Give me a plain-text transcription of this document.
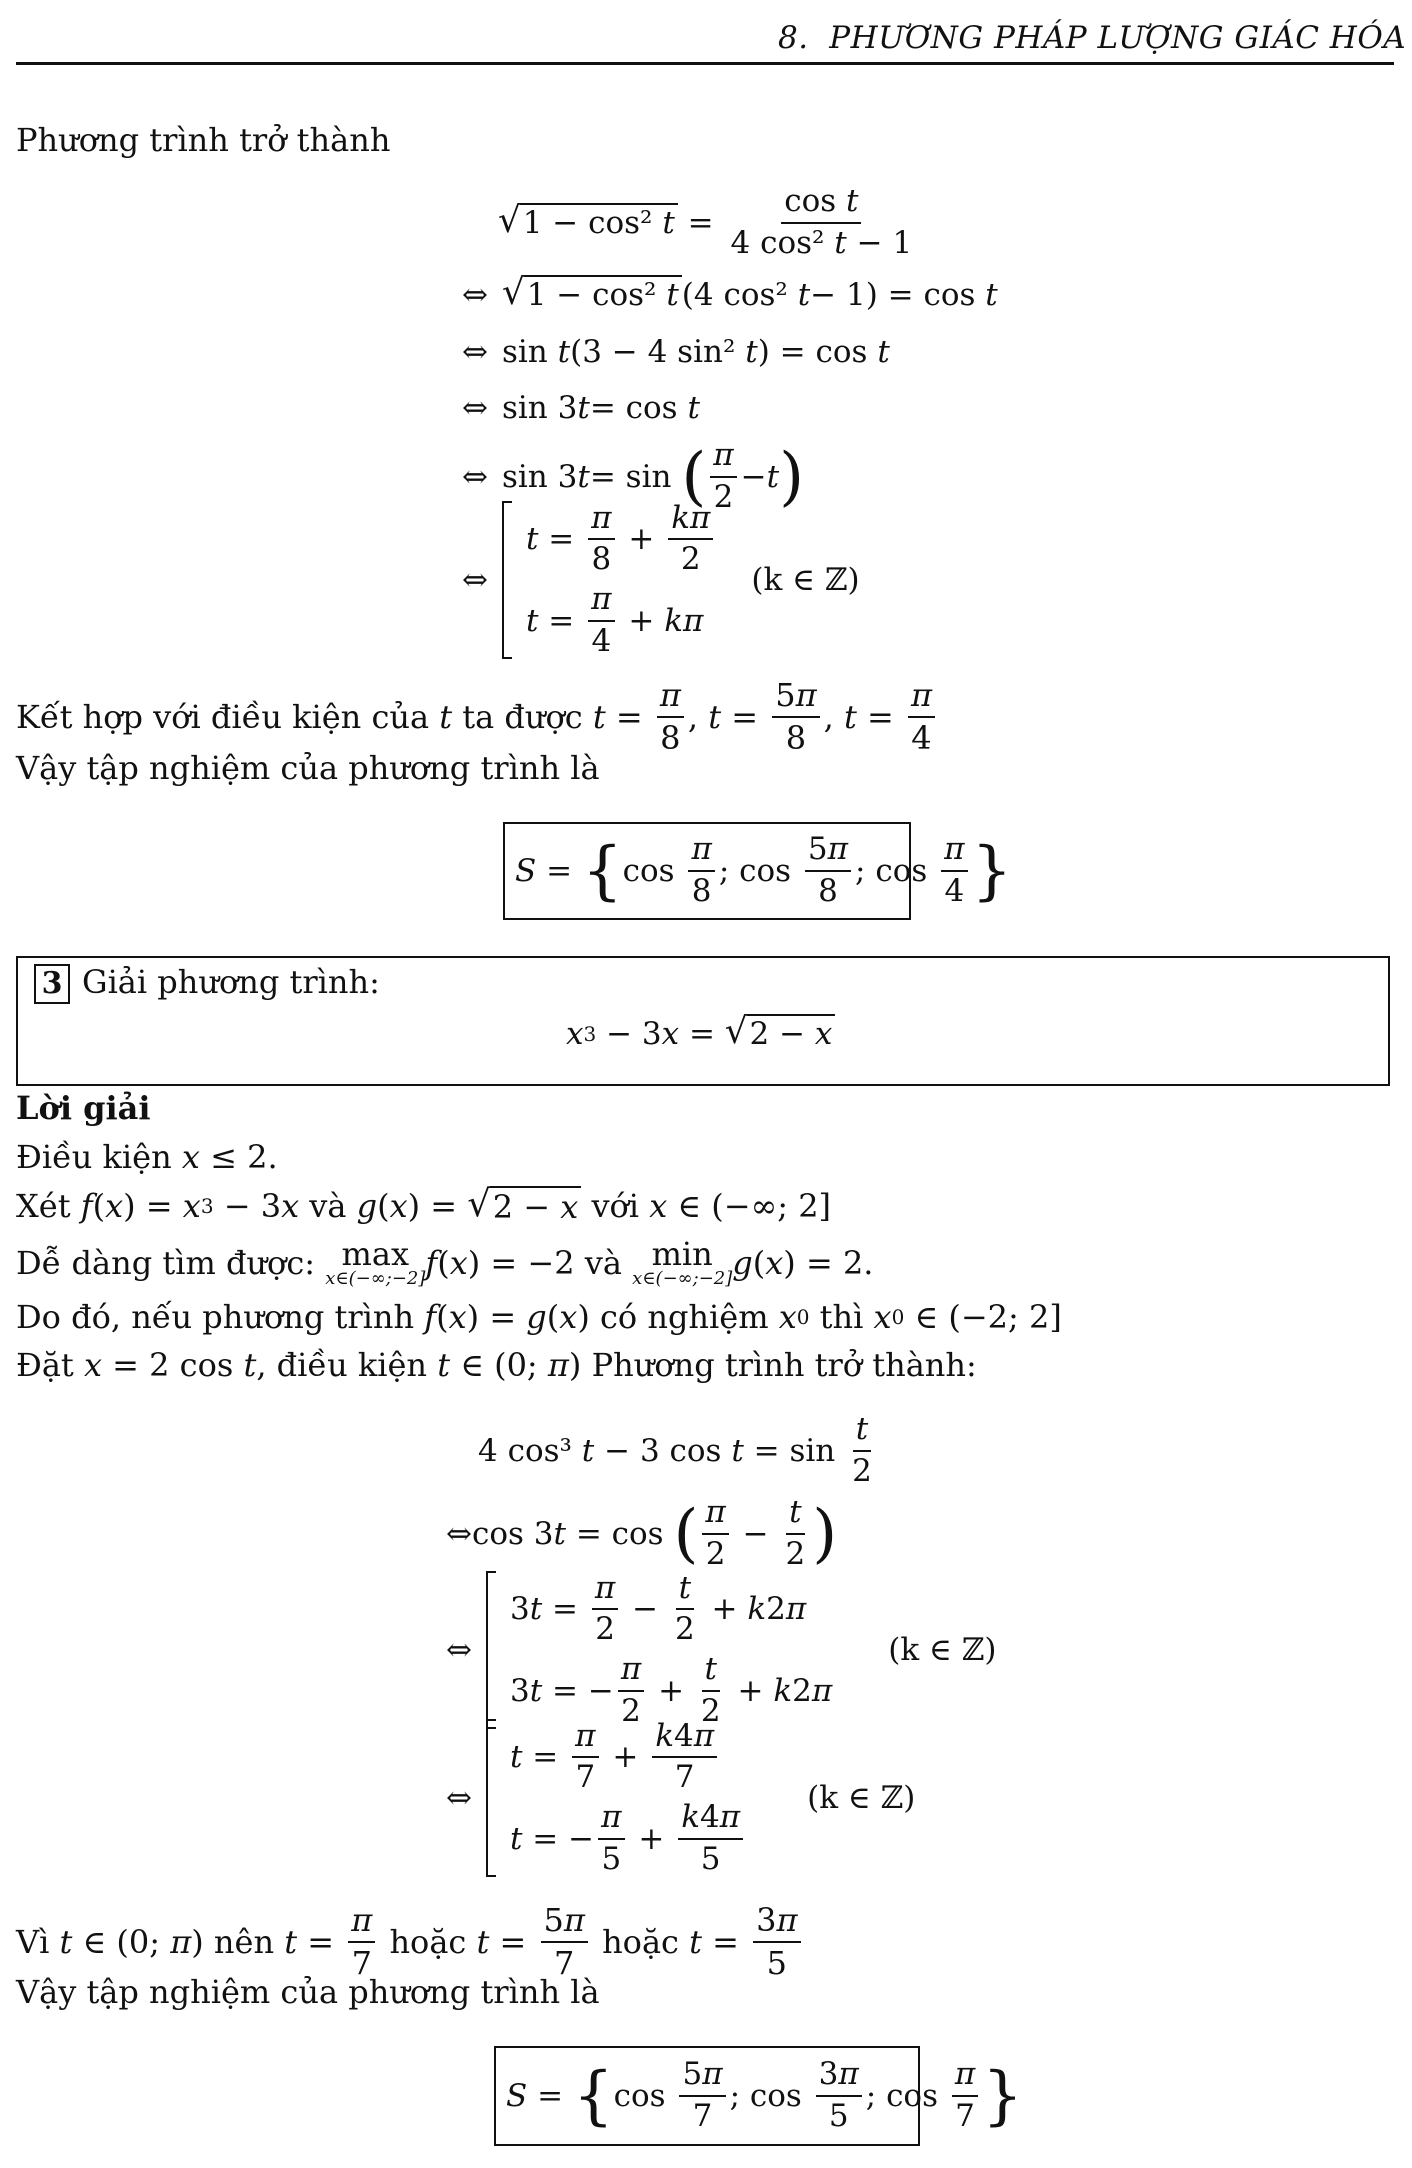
8. PHƯƠNG PHÁP LƯỢNG GIÁC HÓA
Phương trình trở thành
√ 1 − cos² $t = \frac{\text{cos t}}{\text{4 cos² t − 1}}$
⇔ √ 1 − cos² t (4 cos² t − 1) = cos t
⇔ sin t (3 − 4 sin² t ) = cos t
⇔ sin 3 t = cos t
⇔ sin 3 t = sin ( $\frac{\pi}{2} - t$ )
⇔
$t = \frac{\pi}{8} + \frac{k\pi}{2}$
$t = \frac{\pi}{4} + k\pi$
(k ∈ ℤ)
Kết hợp với điều kiện của
t
ta được
$t = \frac{\pi}{8}$ , $t = \frac{5\pi}{8}$ , $t = \frac{\pi}{4}$
Vậy tập nghiệm của phương trình là
S = { $\cos \frac{\pi}{8}$ ; $\cos \frac{5\pi}{8}$ ; $\cos \frac{\pi}{4}$ }
3 Giải phương trình:
x 3 − 3 x = √ 2 − x
Lời giải
Điều kiện
x ≤ 2.
Xét
f ( x ) = x 3 − 3 x
và
g ( x ) = √ 2 − x
với
x ∈ (−∞; 2]
Dễ dàng tìm được:
max
x∈(−∞;−2] f ( x ) = −2 và
min
x∈(−∞;−2] g ( x ) = 2.
Do đó, nếu phương trình
f ( x ) = g ( x ) có nghiệm
x 0
thì
x 0 ∈ (−2; 2]
Đặt
x = 2 cos t , điều kiện
t ∈ (0; π ) Phương trình trở thành:
4 cos³ t − 3 $\cos t = \sin \frac{t}{2}$
⇔ cos 3 t = cos ( $\frac{\pi}{2} - \frac{t}{2}$ )
⇔
3 $t = \frac{\pi}{2} - \frac{t}{2} + k$ 2 π
3 t = − $\frac{\pi}{2} + \frac{t}{2} + k$ 2 π
(k ∈ ℤ)
⇔
$t = \frac{\pi}{7} + \frac{k4\pi}{7}$
t = − $\frac{\pi}{5} + \frac{k4\pi}{5}$
(k ∈ ℤ)
Vì
t ∈ (0; π ) nên
$t = \frac{\pi}{7}$
hoặc
$t = \frac{5\pi}{7}$
hoặc
$t = \frac{3\pi}{5}$
Vậy tập nghiệm của phương trình là
S = { $\cos \frac{5\pi}{7}$ ; $\cos \frac{3\pi}{5}$ ; $\cos \frac{\pi}{7}$ }
